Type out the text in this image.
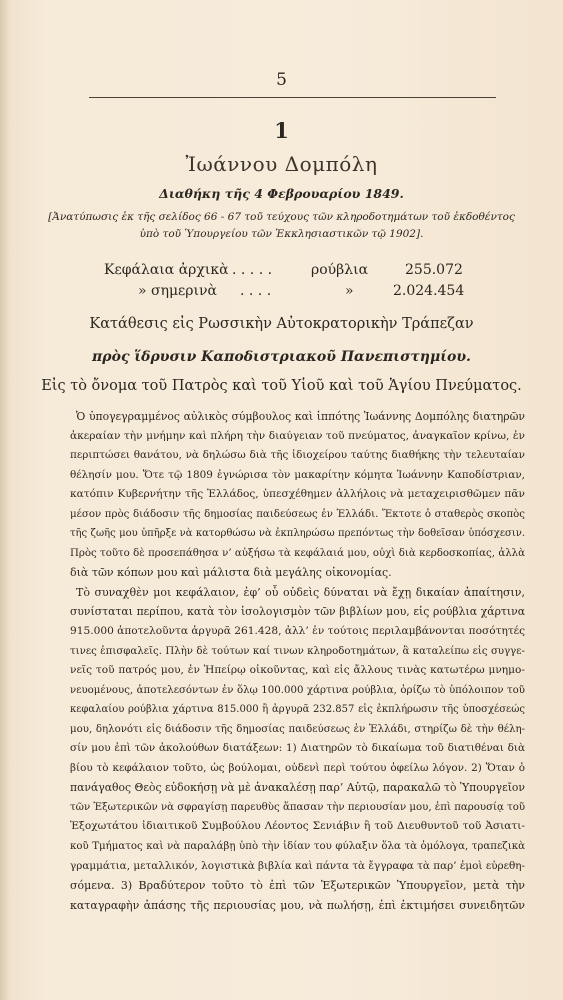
5
1
Ἰωάννου Δομπόλη
Διαθήκη τῆς 4 Φεβρουαρίου 1849.
[Ἀνατύπωσις ἐκ τῆς σελίδος 66 - 67 τοῦ τεύχους τῶν κληροδοτημάτων τοῦ ἐκδοθέντος
ὑπὸ τοῦ Ὑπουργείου τῶν Ἐκκλησιαστικῶν τῷ 1902].
Κεφάλαια ἀρχικὰ . . . . .	ρούβλια	255.072
» σημερινὰ . . . .	»	2.024.454
Κατάθεσις εἰς Ρωσσικὴν Αὐτοκρατορικὴν Τράπεζαν
πρὸς ἵδρυσιν Καποδιστριακοῦ Πανεπιστημίου.
Εἰς τὸ ὄνομα τοῦ Πατρὸς καὶ τοῦ Υἱοῦ καὶ τοῦ Ἁγίου Πνεύματος.
Ὁ ὑπογεγραμμένος αὐλικὸς σύμβουλος καὶ ἱππότης Ἰωάννης Δομπόλης διατηρῶν
ἀκεραίαν τὴν μνήμην καὶ πλήρη τὴν διαύγειαν τοῦ πνεύματος, ἀναγκαῖον κρίνω, ἐν
περιπτώσει θανάτου, νὰ δηλώσω διὰ τῆς ἰδιοχείρου ταύτης διαθήκης τὴν τελευταίαν
θέλησίν μου. Ὅτε τῷ 1809 ἐγνώρισα τὸν μακαρίτην κόμητα Ἰωάννην Καποδίστριαν,
κατόπιν Κυβερνήτην τῆς Ἑλλάδος, ὑπεσχέθημεν ἀλλήλοις νὰ μεταχειρισθῶμεν πᾶν
μέσον πρὸς διάδοσιν τῆς δημοσίας παιδεύσεως ἐν Ἑλλάδι. Ἔκτοτε ὁ σταθερὸς σκοπὸς
τῆς ζωῆς μου ὑπῆρξε νὰ κατορθώσω νὰ ἐκπληρώσω πρεπόντως τὴν δοθεῖσαν ὑπόσχεσιν.
Πρὸς τοῦτο δὲ προσεπάθησα ν’ αὐξήσω τὰ κεφάλαιά μου, οὐχὶ διὰ κερδοσκοπίας, ἀλλὰ
διὰ τῶν κόπων μου καὶ μάλιστα διὰ μεγάλης οἰκονομίας.
Τὸ συναχθὲν μοι κεφάλαιον, ἐφ’ οὗ οὐδεὶς δύναται νὰ ἔχῃ δικαίαν ἀπαίτησιν,
συνίσταται περίπου, κατὰ τὸν ἰσολογισμὸν τῶν βιβλίων μου, εἰς ρούβλια χάρτινα
915.000 ἀποτελοῦντα ἀργυρᾶ 261.428, ἀλλ’ ἐν τούτοις περιλαμβάνονται ποσότητές
τινες ἐπισφαλεῖς. Πλὴν δὲ τούτων καί τινων κληροδοτημάτων, ἃ καταλείπω εἰς συγγε-
νεῖς τοῦ πατρός μου, ἐν Ἠπείρῳ οἰκοῦντας, καὶ εἰς ἄλλους τινὰς κατωτέρω μνημο-
νευομένους, ἀποτελεσόντων ἐν ὅλῳ 100.000 χάρτινα ρούβλια, ὁρίζω τὸ ὑπόλοιπον τοῦ
κεφαλαίου ρούβλια χάρτινα 815.000 ἢ ἀργυρᾶ 232.857 εἰς ἐκπλήρωσιν τῆς ὑποσχέσεώς
μου, δηλονότι εἰς διάδοσιν τῆς δημοσίας παιδεύσεως ἐν Ἑλλάδι, στηρίζω δὲ τὴν θέλη-
σίν μου ἐπὶ τῶν ἀκολούθων διατάξεων: 1) Διατηρῶν τὸ δικαίωμα τοῦ διατιθέναι διὰ
βίου τὸ κεφάλαιον τοῦτο, ὡς βούλομαι, οὐδενὶ περὶ τούτου ὀφείλω λόγον. 2) Ὅταν ὁ
πανάγαθος Θεὸς εὐδοκήσῃ νὰ μὲ ἀνακαλέσῃ παρ’ Αὐτῷ, παρακαλῶ τὸ Ὑπουργεῖον
τῶν Ἐξωτερικῶν νὰ σφραγίσῃ παρευθὺς ἅπασαν τὴν περιουσίαν μου, ἐπὶ παρουσίᾳ τοῦ
Ἐξοχωτάτου ἰδιαιτικοῦ Συμβούλου Λέοντος Σενιάβιν ἢ τοῦ Διευθυντοῦ τοῦ Ἀσιατι-
κοῦ Τμήματος καὶ νὰ παραλάβῃ ὑπὸ τὴν ἰδίαν του φύλαξιν ὅλα τὰ ὁμόλογα, τραπεζικὰ
γραμμάτια, μεταλλικόν, λογιστικὰ βιβλία καὶ πάντα τὰ ἔγγραφα τὰ παρ’ ἐμοὶ εὑρεθη-
σόμενα. 3) Βραδύτερον τοῦτο τὸ ἐπὶ τῶν Ἐξωτερικῶν Ὑπουργεῖον, μετὰ τὴν
καταγραφὴν ἁπάσης τῆς περιουσίας μου, νὰ πωλήσῃ, ἐπὶ ἐκτιμήσει συνειδητῶν
